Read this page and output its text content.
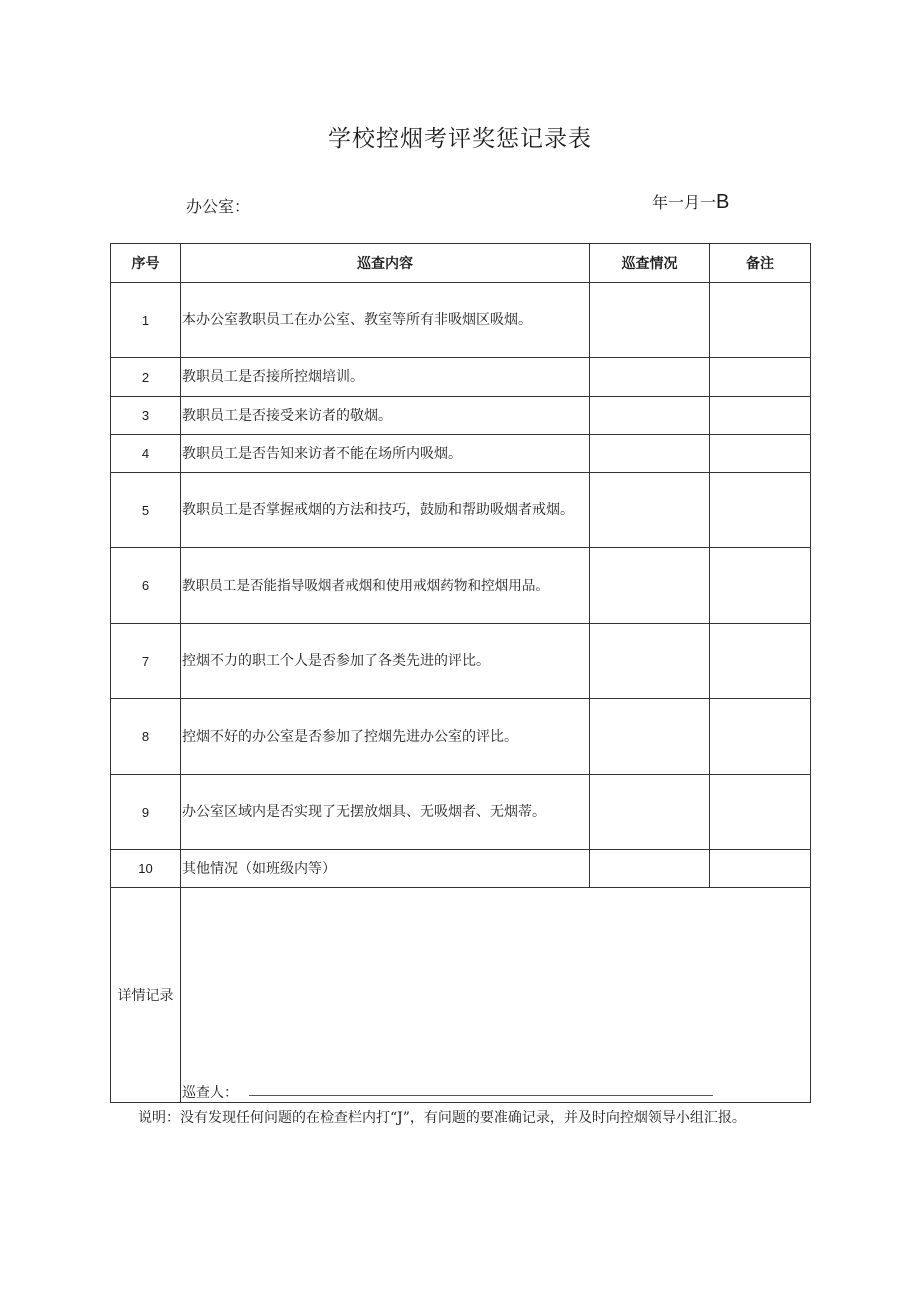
学校控烟考评奖惩记录表
办公室：	年一月一B
序号	巡查内容	巡查情况	备注
1	本办公室教职员工在办公室、教室等所有非吸烟区吸烟。		
2	教职员工是否接所控烟培训。		
3	教职员工是否接受来访者的敬烟。		
4	教职员工是否告知来访者不能在场所内吸烟。		
5	教职员工是否掌握戒烟的方法和技巧，鼓励和帮助吸烟者戒烟。		
6	教职员工是否能指导吸烟者戒烟和使用戒烟药物和控烟用品。		
7	控烟不力的职工个人是否参加了各类先进的评比。		
8	控烟不好的办公室是否参加了控烟先进办公室的评比。		
9	办公室区域内是否实现了无摆放烟具、无吸烟者、无烟蒂。		
10	其他情况（如班级内等）		
详情记录	巡查人：		
说明：没有发现任何问题的在检查栏内打“J”，有问题的要准确记录，并及时向控烟领导小组汇报。
